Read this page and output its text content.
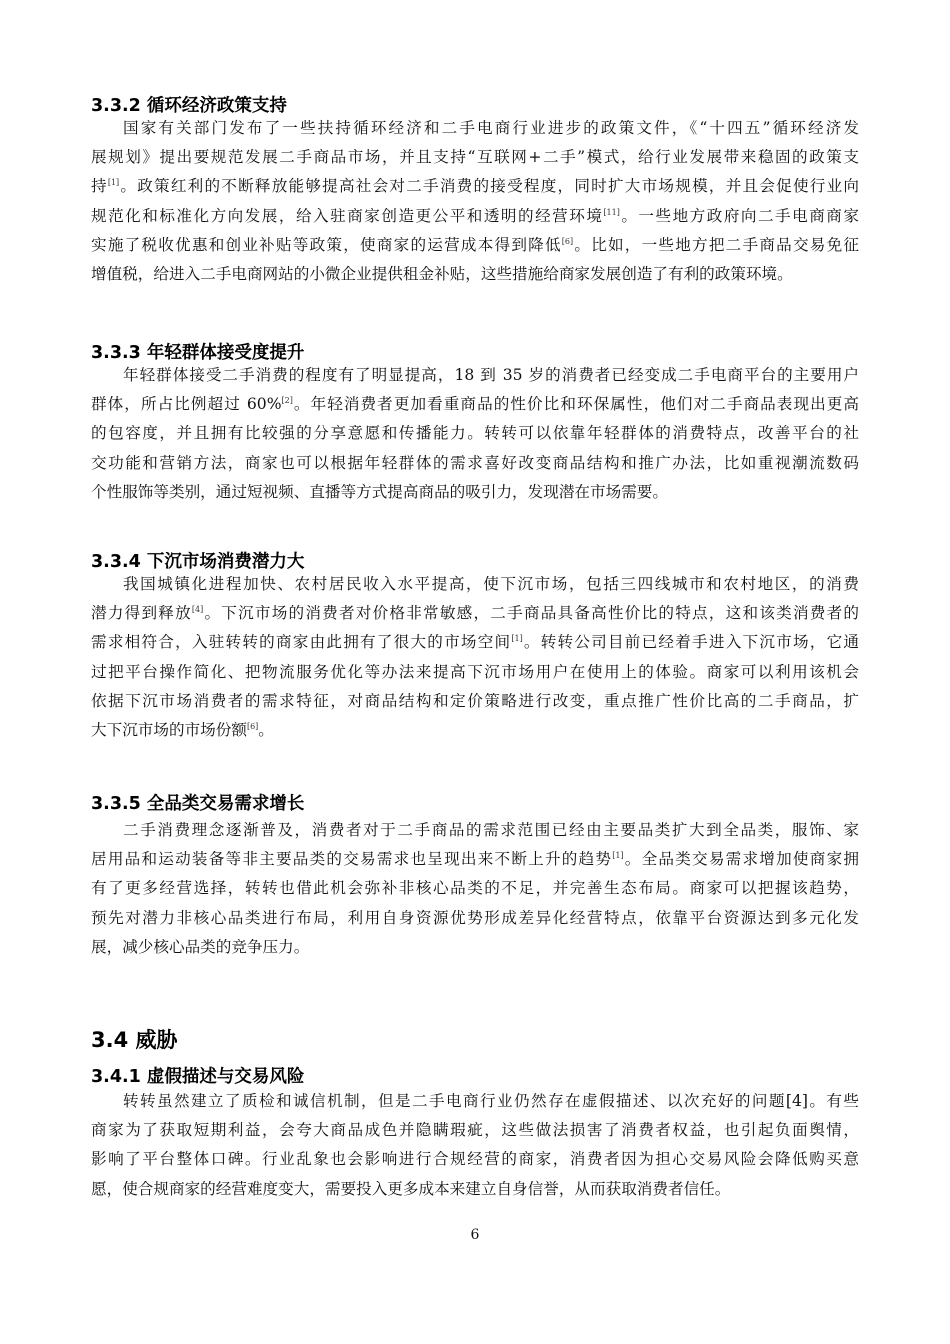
3.3.2 循环经济政策支持
国家有关部门发布了一些扶持循环经济和二手电商行业进步的政策文件，《“十四五”循环经济发
展规划》提出要规范发展二手商品市场，并且支持“互联网+二手”模式，给行业发展带来稳固的政策支
持[1]。政策红利的不断释放能够提高社会对二手消费的接受程度，同时扩大市场规模，并且会促使行业向
规范化和标准化方向发展，给入驻商家创造更公平和透明的经营环境[11]。一些地方政府向二手电商商家
实施了税收优惠和创业补贴等政策，使商家的运营成本得到降低[6]。比如，一些地方把二手商品交易免征
增值税，给进入二手电商网站的小微企业提供租金补贴，这些措施给商家发展创造了有利的政策环境。
3.3.3 年轻群体接受度提升
年轻群体接受二手消费的程度有了明显提高，18 到 35 岁的消费者已经变成二手电商平台的主要用户
群体，所占比例超过 60%[2]。年轻消费者更加看重商品的性价比和环保属性，他们对二手商品表现出更高
的包容度，并且拥有比较强的分享意愿和传播能力。转转可以依靠年轻群体的消费特点，改善平台的社
交功能和营销方法，商家也可以根据年轻群体的需求喜好改变商品结构和推广办法，比如重视潮流数码
个性服饰等类别，通过短视频、直播等方式提高商品的吸引力，发现潜在市场需要。
3.3.4 下沉市场消费潜力大
我国城镇化进程加快、农村居民收入水平提高，使下沉市场，包括三四线城市和农村地区，的消费
潜力得到释放[4]。下沉市场的消费者对价格非常敏感，二手商品具备高性价比的特点，这和该类消费者的
需求相符合，入驻转转的商家由此拥有了很大的市场空间[1]。转转公司目前已经着手进入下沉市场，它通
过把平台操作简化、把物流服务优化等办法来提高下沉市场用户在使用上的体验。商家可以利用该机会
依据下沉市场消费者的需求特征，对商品结构和定价策略进行改变，重点推广性价比高的二手商品，扩
大下沉市场的市场份额[6]。
3.3.5 全品类交易需求增长
二手消费理念逐渐普及，消费者对于二手商品的需求范围已经由主要品类扩大到全品类，服饰、家
居用品和运动装备等非主要品类的交易需求也呈现出来不断上升的趋势[1]。全品类交易需求增加使商家拥
有了更多经营选择，转转也借此机会弥补非核心品类的不足，并完善生态布局。商家可以把握该趋势，
预先对潜力非核心品类进行布局，利用自身资源优势形成差异化经营特点，依靠平台资源达到多元化发
展，减少核心品类的竞争压力。
3.4 威胁
3.4.1 虚假描述与交易风险
转转虽然建立了质检和诚信机制，但是二手电商行业仍然存在虚假描述、以次充好的问题[4]。有些
商家为了获取短期利益，会夸大商品成色并隐瞒瑕疵，这些做法损害了消费者权益，也引起负面舆情，
影响了平台整体口碑。行业乱象也会影响进行合规经营的商家，消费者因为担心交易风险会降低购买意
愿，使合规商家的经营难度变大，需要投入更多成本来建立自身信誉，从而获取消费者信任。
6
